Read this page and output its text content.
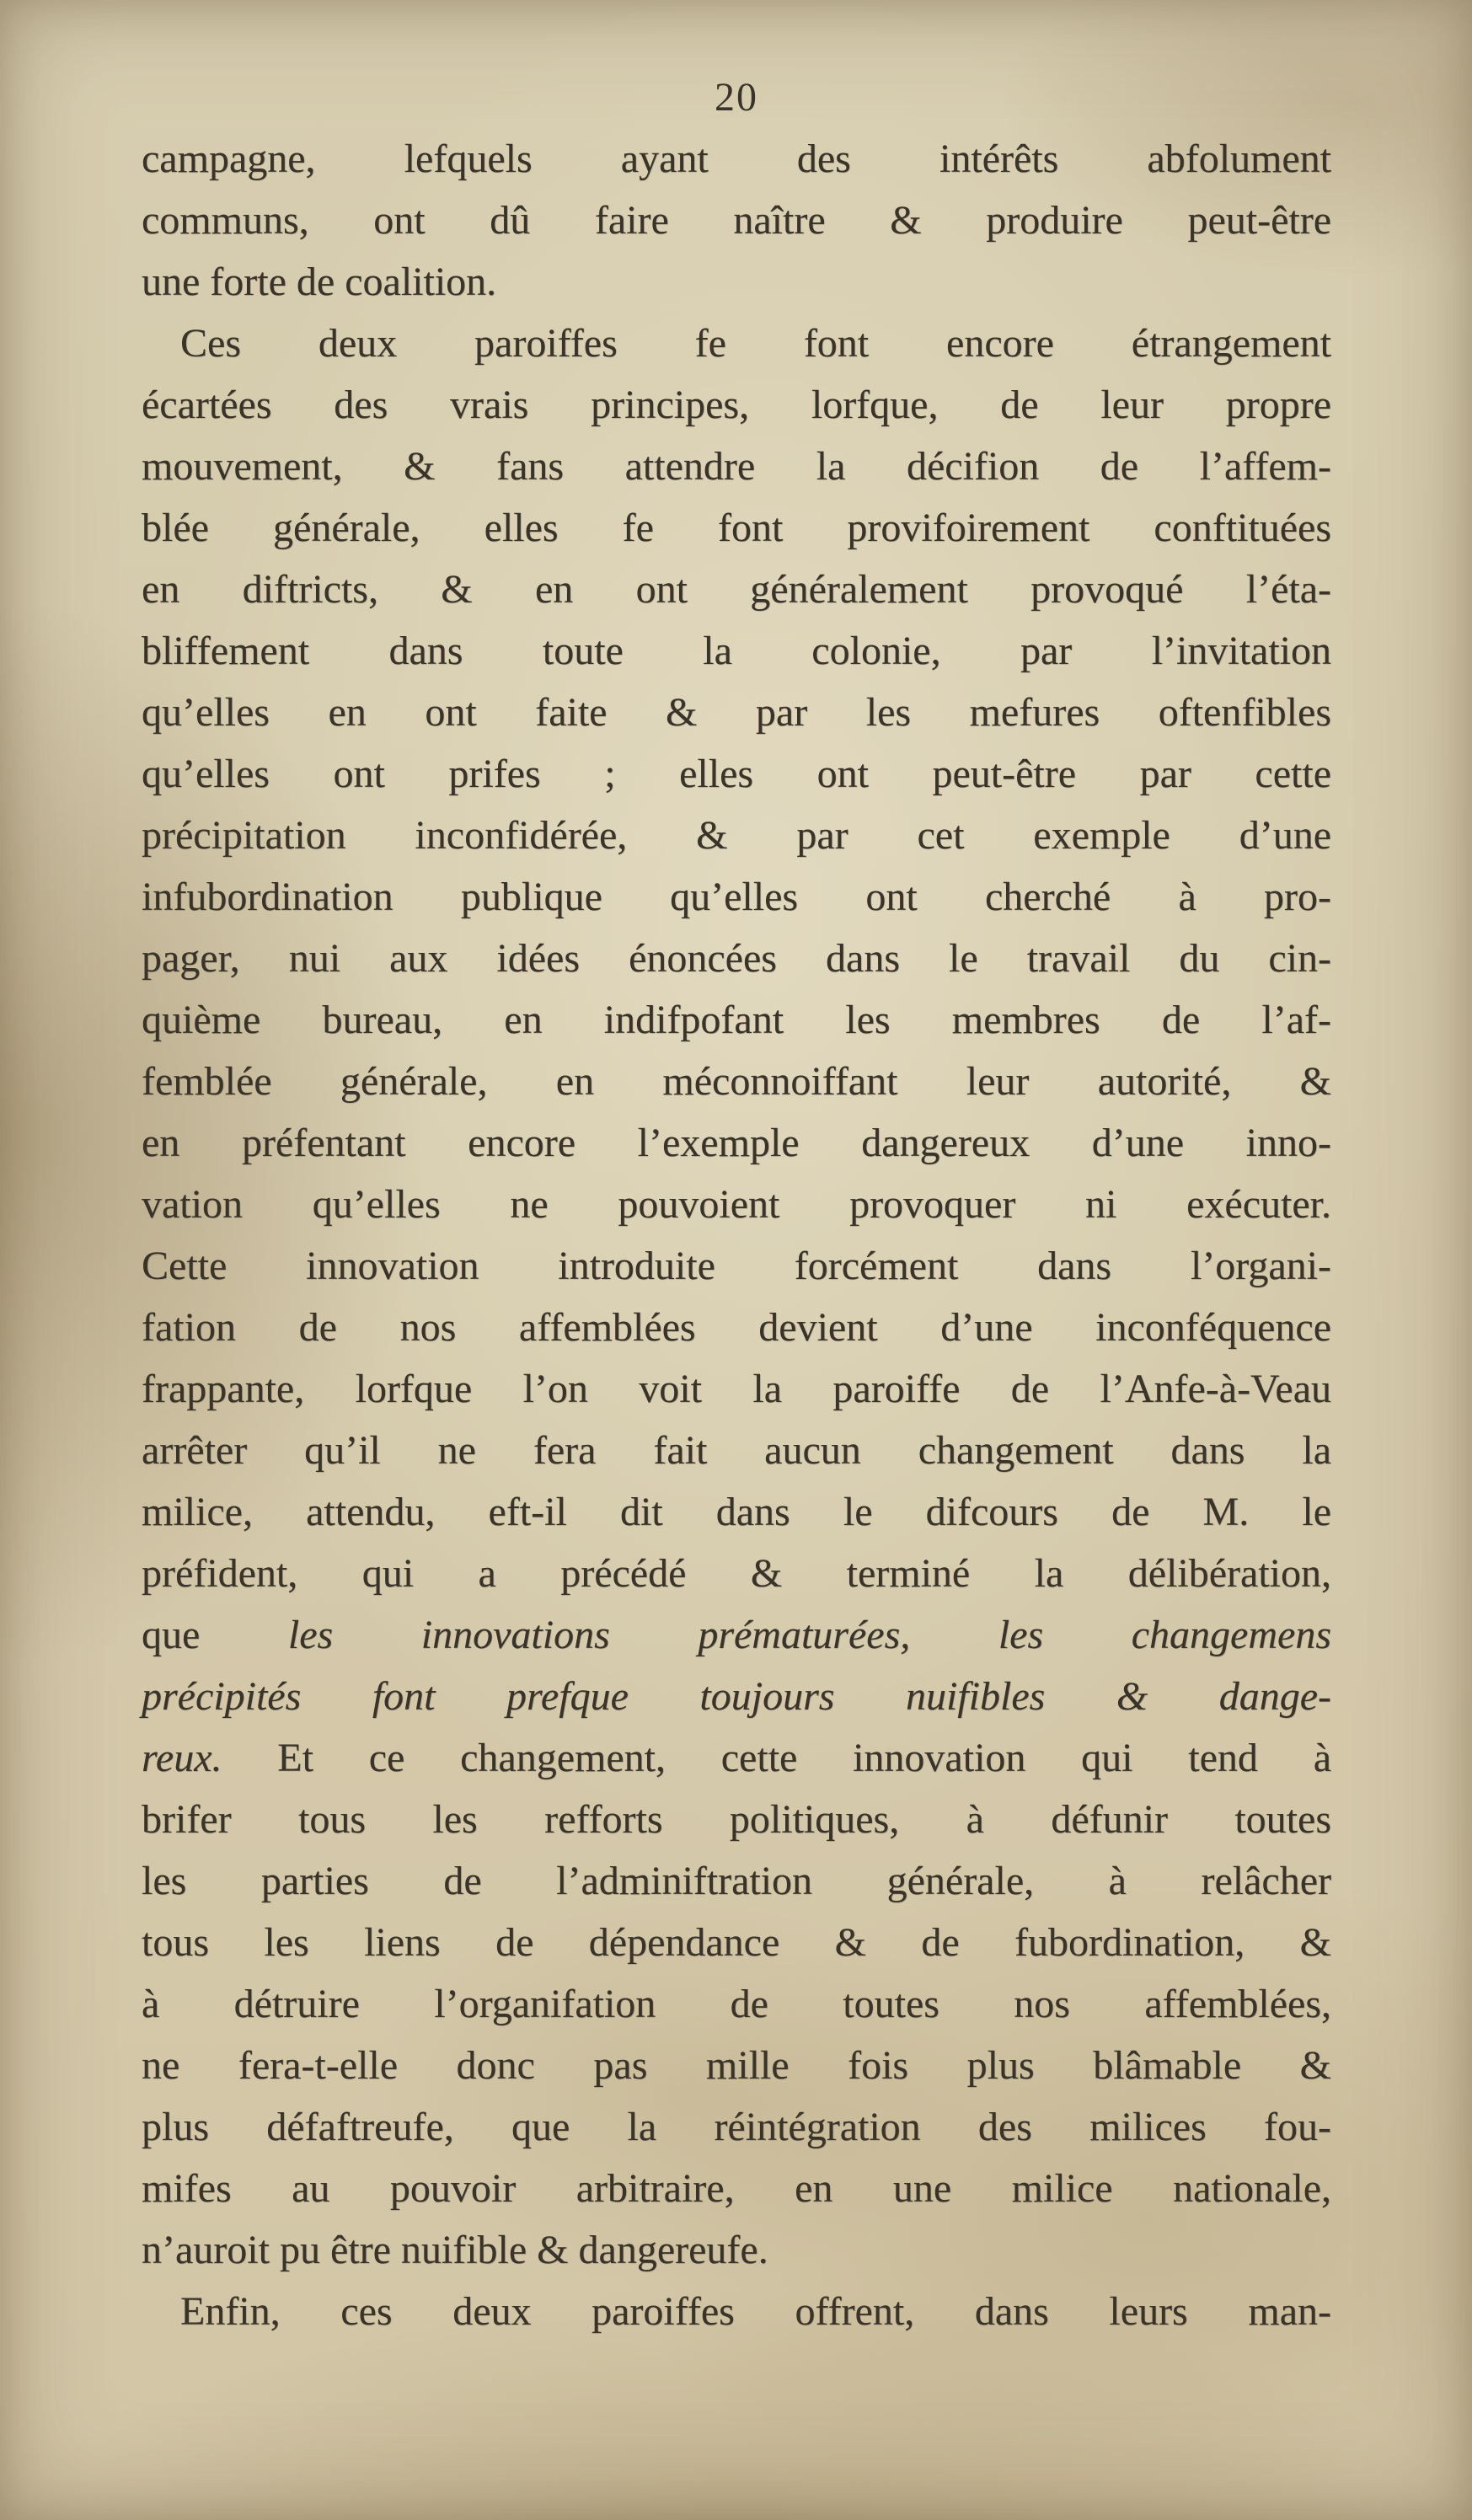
20
campagne, lefquels ayant des intérêts abfolument
communs, ont dû faire naître & produire peut-être
une forte de coalition.
Ces deux paroiffes fe font encore étrangement
écartées des vrais principes, lorfque, de leur propre
mouvement, & fans attendre la décifion de l’affem-
blée générale, elles fe font provifoirement conftituées
en diftricts, & en ont généralement provoqué l’éta-
bliffement dans toute la colonie, par l’invitation
qu’elles en ont faite & par les mefures oftenfibles
qu’elles ont prifes ; elles ont peut-être par cette
précipitation inconfidérée, & par cet exemple d’une
infubordination publique qu’elles ont cherché à pro-
pager, nui aux idées énoncées dans le travail du cin-
quième bureau, en indifpofant les membres de l’af-
femblée générale, en méconnoiffant leur autorité, &
en préfentant encore l’exemple dangereux d’une inno-
vation qu’elles ne pouvoient provoquer ni exécuter.
Cette innovation introduite forcément dans l’organi-
fation de nos affemblées devient d’une inconféquence
frappante, lorfque l’on voit la paroiffe de l’Anfe-à-Veau
arrêter qu’il ne fera fait aucun changement dans la
milice, attendu, eft-il dit dans le difcours de M. le
préfident, qui a précédé & terminé la délibération,
que les innovations prématurées, les changemens
précipités font prefque toujours nuifibles & dange-
reux. Et ce changement, cette innovation qui tend à
brifer tous les refforts politiques, à défunir toutes
les parties de l’adminiftration générale, à relâcher
tous les liens de dépendance & de fubordination, &
à détruire l’organifation de toutes nos affemblées,
ne fera-t-elle donc pas mille fois plus blâmable &
plus défaftreufe, que la réintégration des milices fou-
mifes au pouvoir arbitraire, en une milice nationale,
n’auroit pu être nuifible & dangereufe.
Enfin, ces deux paroiffes offrent, dans leurs man-
